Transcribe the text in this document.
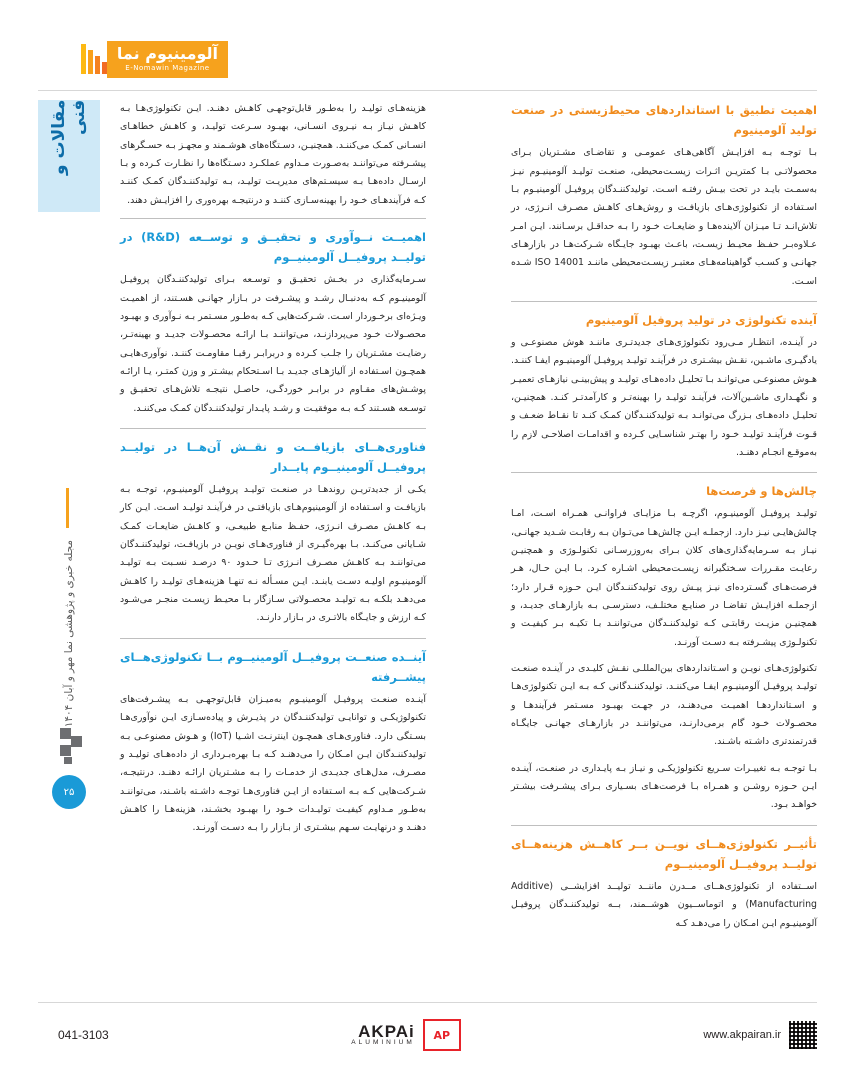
آلومینیوم نما
E-Nomawin Magazine
مقالات و فنی
مجله خبری و پژوهشی نما مهر و آبان ۱۴۰۴
۲۵
اهمیت تطبیق با استانداردهای محیط‌زیستی در صنعت تولید آلومینیوم

بـا توجـه بـه افزایـش آگاهی‌هـای عمومـی و تقاضـای مشـتریان بـرای محصولاتـی بـا کمتریـن اثـرات زیسـت‌محیطی، صنعـت تولیـد آلومینیـوم نیـز به‌سمـت بایـد در تحت بیـش رفتـه اسـت. تولیدکننـدگان پروفیـل آلومینیـوم بـا اسـتفاده از تکنولوژی‌هـای بازیافـت و روش‌هـای کاهـش مصـرف انـرژی، در تلاش‌انـد تـا میـزان آلاینده‌هـا و ضایعـات خـود را بـه حداقـل برسـانند. ایـن امـر عـلاوه‌بـر حفـظ محیـط زیسـت، باعـث بهبـود جایـگاه شـرکت‌هـا در بازارهـای جهانـی و کسـب گواهینامه‌هـای معتبـر زیسـت‌محیطی ماننـد ISO 14001 شـده اسـت.

آینده تکنولوژی در تولید پروفیل آلومینیوم

در آینـده، انتظـار مـی‌رود تکنولوژی‌هـای جدیدتـری ماننـد هوش مصنوعـی و یادگیـری ماشـین، نقـش بیشـتری در فرآینـد تولیـد پروفیـل آلومینیـوم ایفـا کننـد. هـوش مصنوعـی می‌توانـد بـا تحلیـل داده‌هـای تولیـد و پیش‌بینـی نیازهـای تعمیـر و نگهـداری ماشـین‌آلات، فرآینـد تولیـد را بهینه‌تـر و کارآمدتـر کنـد. همچنیـن، تحلیـل داده‌هـای بـزرگ می‌توانـد بـه تولیدکننـدگان کمـک کنـد تا نقـاط ضعـف و قـوت فرآینـد تولیـد خـود را بهتـر شناسـایی کـرده و اقدامـات اصلاحـی لازم را به‌موقـع انجـام دهنـد.

چالش‌ها و فرصت‌ها

تولیـد پروفیـل آلومینیـوم، اگرچـه بـا مزایـای فراوانـی همـراه اسـت، امـا چالش‌هایـی نیـز دارد. ازجملـه ایـن چالش‌هـا می‌تـوان بـه رقابـت شـدید جهانـی، نیـاز بـه سـرمایه‌گذاری‌های کلان بـرای به‌روزرسـانی تکنولـوژی و همچنیـن رعایـت مقـررات سـختگیرانه زیسـت‌محیطی اشـاره کـرد. بـا ایـن حـال، هـر فرصت‌هـای گسـترده‌ای نیـز پیـش روی تولیدکننـدگان ایـن حـوزه قـرار دارد؛ ازجملـه افزایـش تقاضـا در صنایـع مختلـف، دسترسـی بـه بازارهـای جدیـد، و همچنیـن مزیـت رقابتـی کـه تولیدکننـدگان می‌تواننـد بـا تکیـه بـر کیفیـت و تکنولـوژی پیشـرفته بـه دسـت آورنـد.

تکنولوژی‌هـای نویـن و اسـتانداردهای بین‌المللـی نقـش کلیـدی در آینـده صنعـت تولیـد پروفیـل آلومینیـوم ایفـا می‌کننـد. تولیدکننـدگانی کـه بـه ایـن تکنولوژی‌هـا و اسـتانداردهـا اهمیـت می‌دهنـد، در جهـت بهبـود مسـتمر فرآیندهـا و محصـولات خـود گام برمی‌دارنـد، می‌تواننـد در بازارهـای جهانـی جایگـاه قدرتمندتری داشـته باشـند.

بـا توجـه بـه تغییـرات سـریع تکنولوژیکـی و نیـاز بـه پایـداری در صنعـت، آینـده ایـن حـوزه روشـن و همـراه بـا فرصت‌هـای بسـیاری بـرای پیشـرفت بیشـتر خواهـد بـود.

تأثیــر تکنولوژی‌هــای نویــن بــر کاهــش هزینه‌هــای تولیــد پروفیــل آلومینیــوم

اســتفاده از تکنولوژی‌هــای مــدرن ماننــد تولیــد افزایشــی (Additive Manufacturing) و اتوماســیون هوشــمند، بــه تولیدکننـدگان پروفیـل آلومینیـوم ایـن امـکان را می‌دهـد کـه

هزینه‌هـای تولیـد را به‌طـور قابل‌توجهـی کاهـش دهنـد. ایـن تکنولوژی‌هـا بـه کاهـش نیـاز بـه نیـروی انسـانی، بهبـود سـرعت تولیـد، و کاهـش خطاهـای انسـانی کمـک می‌کننـد. همچنیـن، دسـتگاه‌های هوشـمند و مجهـز بـه حسـگرهای پیشـرفته می‌تواننـد به‌صـورت مـداوم عملکـرد دسـتگاه‌ها را نظـارت کـرده و بـا ارسـال داده‌هـا بـه سیسـتم‌های مدیریـت تولیـد، بـه تولیدکننـدگان کمـک کننـد کـه فرآیندهـای خـود را بهینه‌سـازی کننـد و درنتیجـه بهره‌وری را افزایـش دهند.

اهمیــت نــوآوری و تحقیــق و توســعه (R&D) در تولیــد پروفیــل آلومینیــوم

سـرمایه‌گذاری در بخـش تحقیـق و توسـعه بـرای تولیدکننـدگان پروفیـل آلومینیـوم کـه به‌دنبـال رشـد و پیشـرفت در بـازار جهانـی هسـتند، از اهمیـت ویـژه‌ای برخـوردار اسـت. شـرکت‌هایی کـه به‌طـور مسـتمر بـه نـوآوری و بهبـود محصـولات خـود می‌پردازنـد، می‌تواننـد بـا ارائـه محصـولات جدیـد و بهینه‌تـر، رضایـت مشـتریان را جلـب کـرده و دربرابـر رقبـا مقاومـت کننـد. نوآوری‌هایـی همچـون اسـتفاده از آلیاژهـای جدیـد بـا اسـتحکام بیشـتر و وزن کمتـر، یـا ارائـه پوشـش‌های مقـاوم در برابـر خوردگـی، حاصـل نتیجـه تلاش‌هـای تحقیـق و توسـعه هسـتند کـه بـه موفقیـت و رشـد پایـدار تولیدکننـدگان کمـک می‌کننـد.

فناوری‌هــای بازیافــت و نقــش آن‌هــا در تولیــد پروفیــل آلومینیــوم پایــدار

یکـی از جدیدتریـن روندهـا در صنعـت تولیـد پروفیـل آلومینیـوم، توجـه بـه بازیافـت و اسـتفاده از آلومینیوم‌هـای بازیافتـی در فرآینـد تولیـد اسـت. ایـن کار بـه کاهـش مصـرف انـرژی، حفـظ منابـع طبیعـی، و کاهـش ضایعـات کمـک شـایانی می‌کنـد. بـا بهره‌گیـری از فناوری‌هـای نویـن در بازیافـت، تولیدکننـدگان می‌تواننـد بـه کاهـش مصـرف انـرژی تـا حـدود ۹۰ درصـد نسـبت بـه تولیـد آلومینیـوم اولیـه دسـت یابنـد. ایـن مسـأله نـه تنهـا هزینه‌هـای تولیـد را کاهـش می‌دهـد بلکـه بـه تولیـد محصـولاتی سـازگار بـا محیـط زیسـت منجـر می‌شـود کـه ارزش و جایـگاه بالاتـری در بـازار دارنـد.

آینــده صنعــت پروفیــل آلومینیــوم بــا تکنولوژی‌هــای پیشــرفته

آینـده صنعـت پروفیـل آلومینیـوم به‌میـزان قابل‌توجهـی بـه پیشـرفت‌های تکنولوژیکـی و توانایـی تولیدکننـدگان در پذیـرش و پیاده‌سـازی ایـن نوآوری‌هـا بسـتگی دارد. فناوری‌هـای همچـون اینترنـت اشـیا (IoT) و هـوش مصنوعـی بـه تولیدکننـدگان ایـن امـکان را می‌دهنـد کـه بـا بهره‌بـرداری از داده‌هـای تولیـد و مصـرف، مدل‌هـای جدیـدی از خدمـات را بـه مشـتریان ارائـه دهنـد. درنتیجـه، شـرکت‌هایی کـه بـه اسـتفاده از ایـن فناوری‌هـا توجـه داشـته باشـند، می‌تواننـد به‌طـور مـداوم کیفیـت تولیـدات خـود را بهبـود بخشـند، هزینه‌هـا را کاهـش دهنـد و درنهایـت سـهم بیشـتری از بـازار را بـه دسـت آورنـد.

www.akpairan.ir
AP
AKPAi
ALUMINIUM
041-3103
